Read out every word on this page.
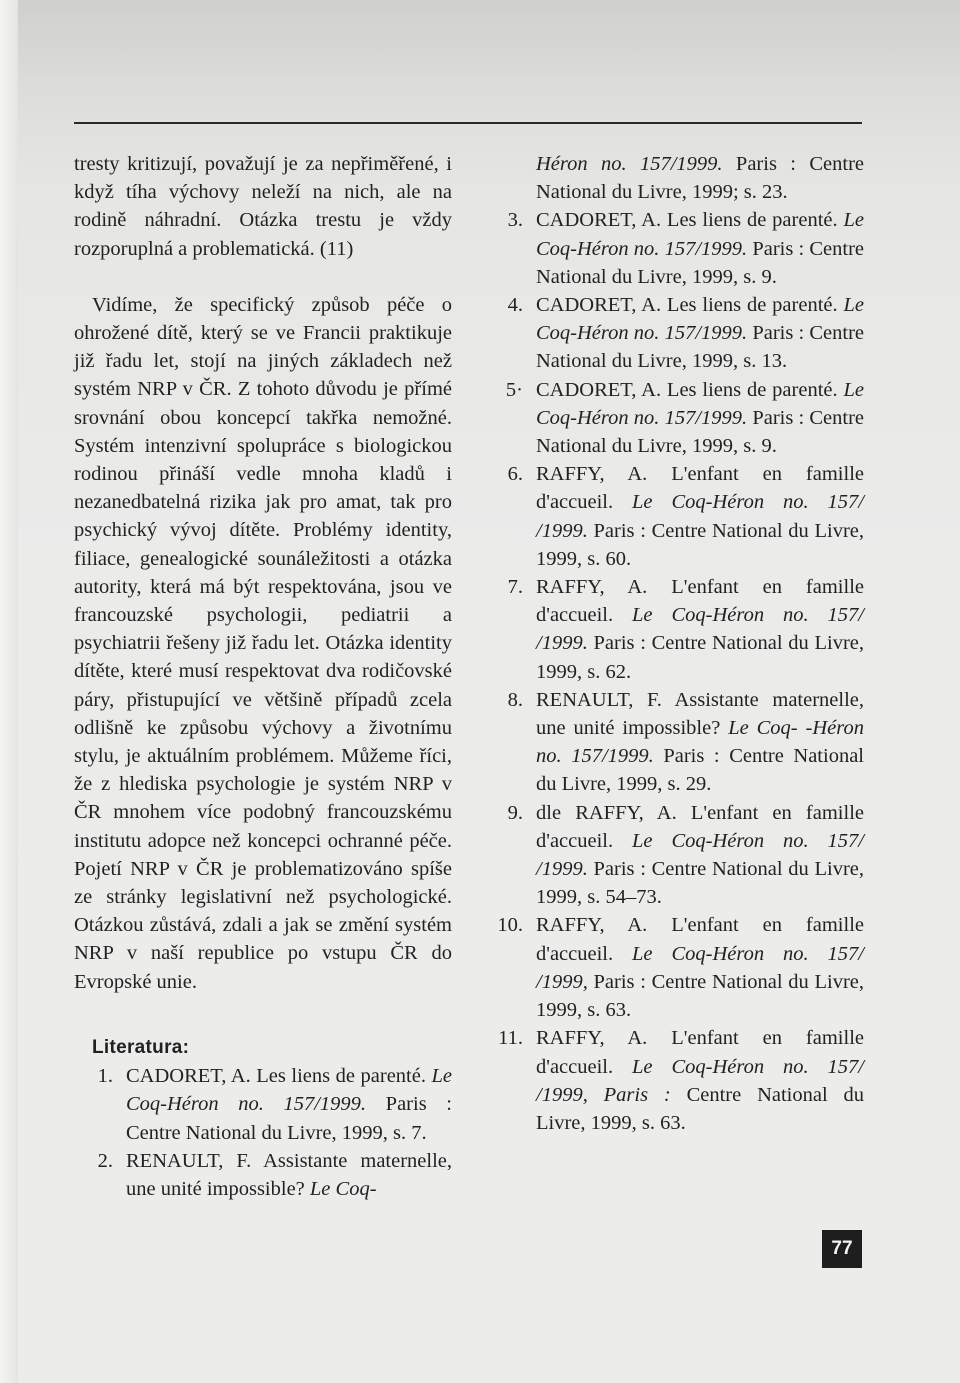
tresty kritizují, považují je za nepřiměřené, i když tíha výchovy neleží na nich, ale na rodině náhradní. Otázka trestu je vždy rozporuplná a problematická. (11)

Vidíme, že specifický způsob péče o ohrožené dítě, který se ve Francii praktikuje již řadu let, stojí na jiných základech než systém NRP v ČR. Z tohoto důvodu je přímé srovnání obou koncepcí takřka nemožné. Systém intenzivní spolupráce s biologickou rodinou přináší vedle mnoha kladů i nezanedbatelná rizika jak pro amat, tak pro psychický vývoj dítěte. Problémy identity, filiace, genealogické sounáležitosti a otázka autority, která má být respektována, jsou ve francouzské psychologii, pediatrii a psychiatrii řešeny již řadu let. Otázka identity dítěte, které musí respektovat dva rodičovské páry, přistupující ve většině případů zcela odlišně ke způsobu výchovy a životnímu stylu, je aktuálním problémem. Můžeme říci, že z hlediska psychologie je systém NRP v ČR mnohem více podobný francouzskému institutu adopce než koncepci ochranné péče. Pojetí NRP v ČR je problematizováno spíše ze stránky legislativní než psychologické. Otázkou zůstává, zdali a jak se změní systém NRP v naší republice po vstupu ČR do Evropské unie.

Literatura:
1. CADORET, A. Les liens de parenté. Le Coq-Héron no. 157/1999. Paris : Centre National du Livre, 1999, s. 7.
2. RENAULT, F. Assistante maternelle, une unité impossible? Le Coq-
Héron no. 157/1999. Paris : Centre National du Livre, 1999; s. 23.
3. CADORET, A. Les liens de parenté. Le Coq-Héron no. 157/1999. Paris : Centre National du Livre, 1999, s. 9.
4. CADORET, A. Les liens de parenté. Le Coq-Héron no. 157/1999. Paris : Centre National du Livre, 1999, s. 13.
5· CADORET, A. Les liens de parenté. Le Coq-Héron no. 157/1999. Paris : Centre National du Livre, 1999, s. 9.
6. RAFFY, A. L'enfant en famille d'accueil. Le Coq-Héron no. 157/ /1999. Paris : Centre National du Livre, 1999, s. 60.
7. RAFFY, A. L'enfant en famille d'accueil. Le Coq-Héron no. 157/ /1999. Paris : Centre National du Livre, 1999, s. 62.
8. RENAULT, F. Assistante maternelle, une unité impossible? Le Coq- -Héron no. 157/1999. Paris : Centre National du Livre, 1999, s. 29.
9. dle RAFFY, A. L'enfant en famille d'accueil. Le Coq-Héron no. 157/ /1999. Paris : Centre National du Livre, 1999, s. 54–73.
10. RAFFY, A. L'enfant en famille d'accueil. Le Coq-Héron no. 157/ /1999, Paris : Centre National du Livre, 1999, s. 63.
11. RAFFY, A. L'enfant en famille d'accueil. Le Coq-Héron no. 157/ /1999, Paris : Centre National du Livre, 1999, s. 63.
77
